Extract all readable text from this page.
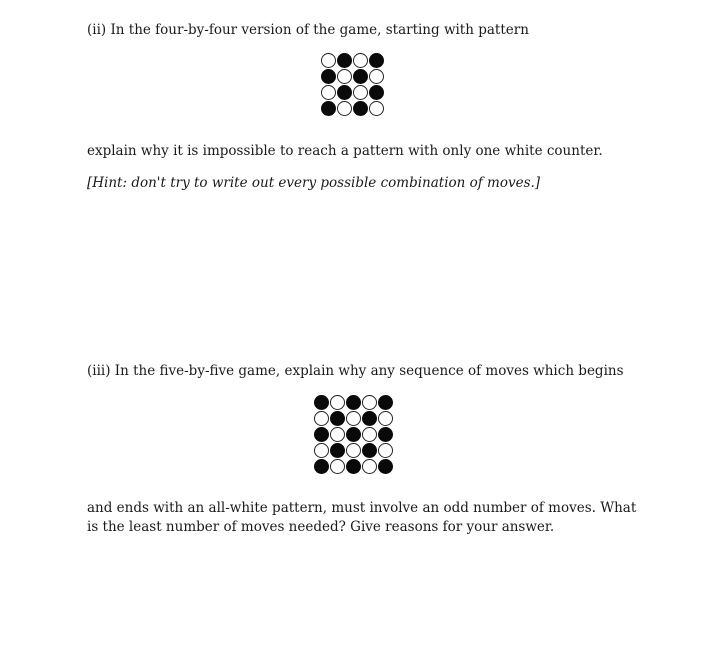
(ii) In the four-by-four version of the game, starting with pattern
explain why it is impossible to reach a pattern with only one white counter.
[Hint: don't try to write out every possible combination of moves.]
(iii) In the five-by-five game, explain why any sequence of moves which begins
and ends with an all-white pattern, must involve an odd number of moves. What is the least number of moves needed? Give reasons for your answer.
